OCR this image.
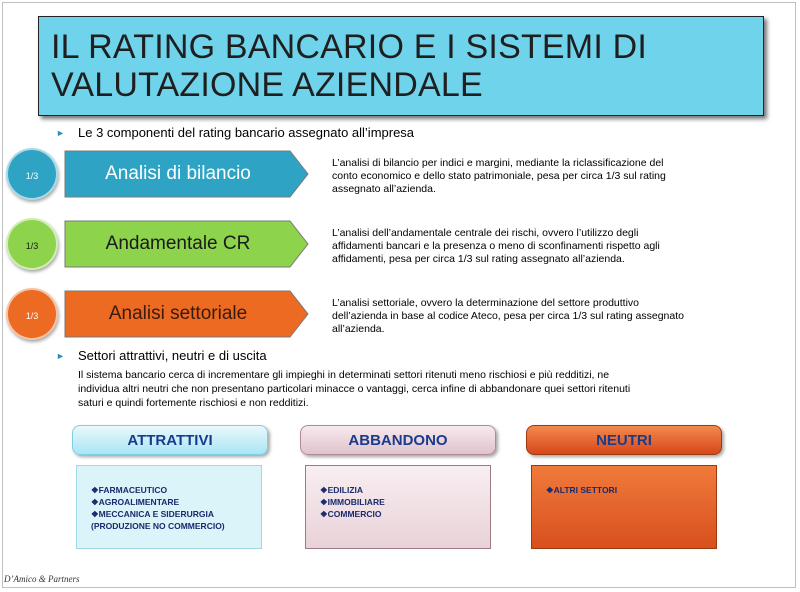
IL RATING BANCARIO E I SISTEMI DI
VALUTAZIONE AZIENDALE
► Le 3 componenti del rating bancario assegnato all’impresa
1/3	Analisi di bilancio	L’analisi di bilancio per indici e margini, mediante la riclassificazione del
conto economico e dello stato patrimoniale, pesa per circa 1/3 sul rating
assegnato all’azienda.
1/3	Andamentale CR	L’analisi dell’andamentale centrale dei rischi, ovvero l’utilizzo degli
affidamenti bancari e la presenza o meno di sconfinamenti rispetto agli
affidamenti, pesa per circa 1/3 sul rating assegnato all’azienda.
1/3	Analisi settoriale	L’analisi settoriale, ovvero la determinazione del settore produttivo
dell’azienda in base al codice Ateco, pesa per circa 1/3 sul rating assegnato
all’azienda.
► Settori attrattivi, neutri e di uscita
Il sistema bancario cerca di incrementare gli impieghi in determinati settori ritenuti meno rischiosi e più redditizi, ne
individua altri neutri che non presentano particolari minacce o vantaggi, cerca infine di abbandonare quei settori ritenuti
saturi e quindi fortemente rischiosi e non redditizi.
ATTRATTIVI	ABBANDONO	NEUTRI
❖FARMACEUTICO
❖AGROALIMENTARE
❖MECCANICA E SIDERURGIA
(PRODUZIONE NO COMMERCIO)
❖EDILIZIA
❖IMMOBILIARE
❖COMMERCIO
❖ALTRI SETTORI
D’Amico & Partners
